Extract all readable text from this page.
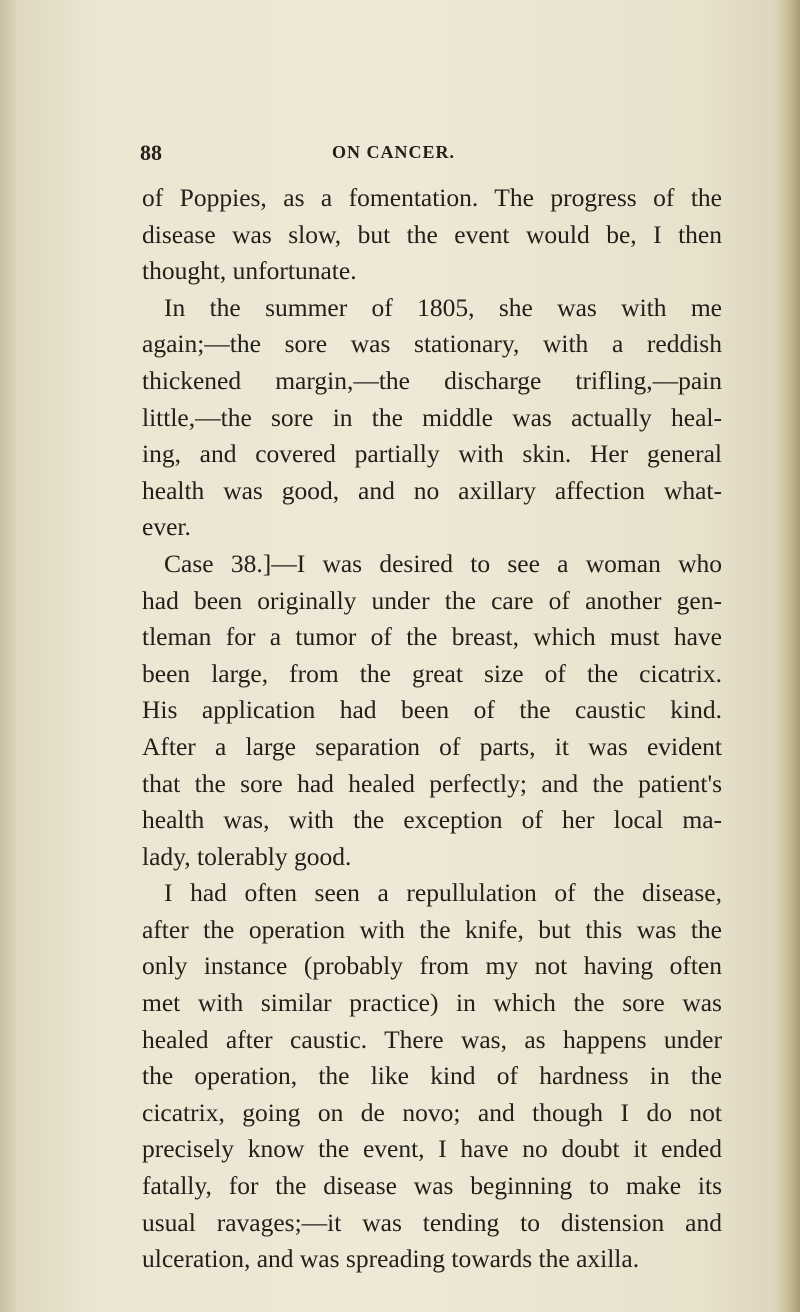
88	ON CANCER.
of Poppies, as a fomentation. The progress of the
disease was slow, but the event would be, I then
thought, unfortunate.
In the summer of 1805, she was with me
again;—the sore was stationary, with a reddish
thickened margin,—the discharge trifling,—pain
little,—the sore in the middle was actually heal-
ing, and covered partially with skin. Her general
health was good, and no axillary affection what-
ever.
Case 38.]—I was desired to see a woman who
had been originally under the care of another gen-
tleman for a tumor of the breast, which must have
been large, from the great size of the cicatrix.
His application had been of the caustic kind.
After a large separation of parts, it was evident
that the sore had healed perfectly; and the patient's
health was, with the exception of her local ma-
lady, tolerably good.
I had often seen a repullulation of the disease,
after the operation with the knife, but this was the
only instance (probably from my not having often
met with similar practice) in which the sore was
healed after caustic. There was, as happens under
the operation, the like kind of hardness in the
cicatrix, going on de novo; and though I do not
precisely know the event, I have no doubt it ended
fatally, for the disease was beginning to make its
usual ravages;—it was tending to distension and
ulceration, and was spreading towards the axilla.
